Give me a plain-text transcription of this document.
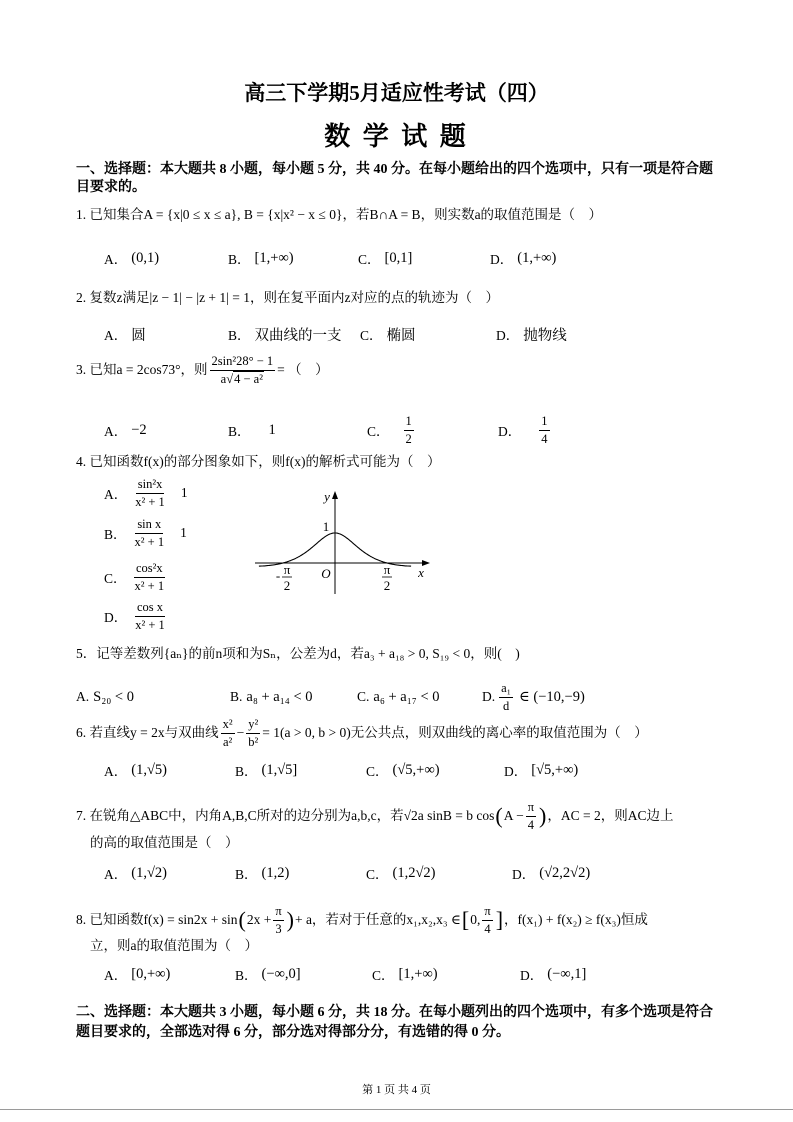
高三下学期5月适应性考试（四）
数 学 试 题
一、选择题：本大题共 8 小题，每小题 5 分，共 40 分。在每小题给出的四个选项中，只有一项是符合题
目要求的。
1. 已知集合A = {x|0 ≤ x ≤ a}, B = {x|x² − x ≤ 0}，若B∩A = B，则实数a的取值范围是（　）
A． (0,1)	B． [1,+∞)	C． [0,1]	D． (1,+∞)
2. 复数z满足|z − 1| − |z + 1| = 1，则在复平面内z对应的点的轨迹为（　）
A． 圆	B． 双曲线的一支 C． 椭圆	D． 抛物线
3. 已知a = 2cos73°，则 $\frac{\text{2sin²28° − 1}}{\text{a√4 − a²}}$ = （　）
A． −2	B． 1	C． $\frac{1}{2}$	D． $\frac{1}{4}$
4. 已知函数f(x)的部分图象如下，则f(x)的解析式可能为（　）
A． $\frac{\text{sin²x}}{\text{x² + 1}} 1$
B． $\frac{\text{sin x}}{\text{x² + 1}} 1$
C． $\frac{\text{cos²x}}{\text{x² + 1}}$
D． $\frac{\text{cos x}}{\text{x² + 1}}$
y
x
O
1
- π
2
π
2
5．记等差数列{aₙ}的前n项和为Sₙ，公差为d，若a₃ + a₁₈ > 0, S₁₉ < 0，则(　)
A. S₂₀ < 0	B. a₈ + a₁₄ < 0	C. a₆ + a₁₇ < 0	D. $\frac{\text{a₁}}{d}$ ∈ (−10,−9)
6. 若直线y = 2x与双曲线 $\frac{\text{x²}}{\text{a²}} - \frac{\text{y²}}{\text{b²}} = 1(a > 0$, b > 0)无公共点，则双曲线的离心率的取值范围为（　）
A． (1,√5)	B． (1,√5]	C． (√5,+∞)	D． [√5,+∞)
7. 在锐角△ABC中，内角A,B,C所对的边分别为a,b,c，若√2a sinB = b cos ( $A - \frac{\pi}{4}$ ) ，AC = 2，则AC边上
的高的取值范围是（　）
A． (1,√2)	B． (1,2)	C． (1,2√2)	D． (√2,2√2)
8. 已知函数f(x) = sin2x + sin ( $2x + \frac{\pi}{3}$ ) + a，若对于任意的x₁,x₂,x₃ ∈ [ 0, $\frac{\pi}{4}$ ] ，f(x₁) + f(x₂) ≥ f(x₃)恒成
立，则a的取值范围为（　）
A． [0,+∞)	B． (−∞,0]	C． [1,+∞)	D． (−∞,1]
二、选择题：本大题共 3 小题，每小题 6 分，共 18 分。在每小题列出的四个选项中，有多个选项是符合
题目要求的，全部选对得 6 分，部分选对得部分分，有选错的得 0 分。
第 1 页 共 4 页
